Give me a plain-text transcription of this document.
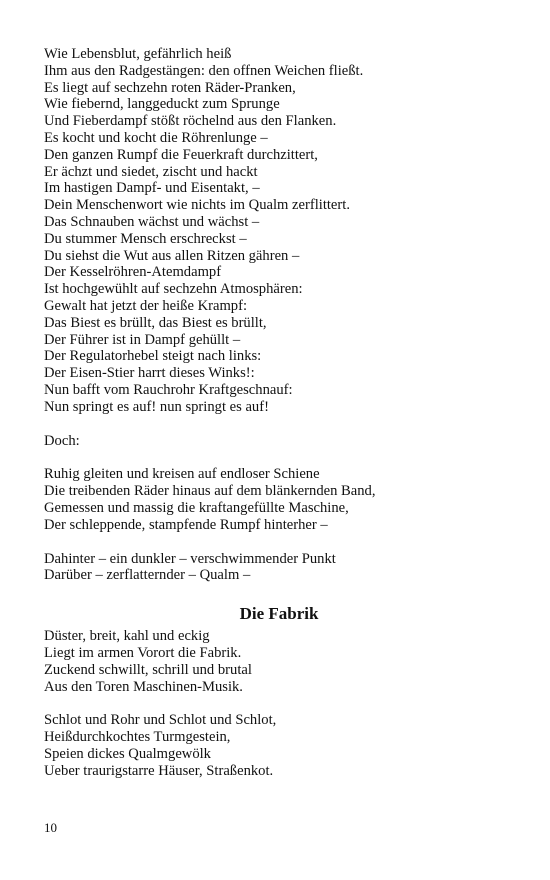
Wie Lebensblut, gefährlich heiß
Ihm aus den Radgestängen: den offnen Weichen fließt.
Es liegt auf sechzehn roten Räder-Pranken,
Wie fiebernd, langgeduckt zum Sprunge
Und Fieberdampf stößt röchelnd aus den Flanken.
Es kocht und kocht die Röhrenlunge –
Den ganzen Rumpf die Feuerkraft durchzittert,
Er ächzt und siedet, zischt und hackt
Im hastigen Dampf- und Eisentakt, –
Dein Menschenwort wie nichts im Qualm zerflittert.
Das Schnauben wächst und wächst –
Du stummer Mensch erschreckst –
Du siehst die Wut aus allen Ritzen gähren –
Der Kesselröhren-Atemdampf
Ist hochgewühlt auf sechzehn Atmosphären:
Gewalt hat jetzt der heiße Krampf:
Das Biest es brüllt, das Biest es brüllt,
Der Führer ist in Dampf gehüllt –
Der Regulatorhebel steigt nach links:
Der Eisen-Stier harrt dieses Winks!:
Nun bafft vom Rauchrohr Kraftgeschnauf:
Nun springt es auf! nun springt es auf!
Doch:
Ruhig gleiten und kreisen auf endloser Schiene
Die treibenden Räder hinaus auf dem blänkernden Band,
Gemessen und massig die kraftangefüllte Maschine,
Der schleppende, stampfende Rumpf hinterher –
Dahinter – ein dunkler – verschwimmender Punkt
Darüber – zerflatternder – Qualm –
Die Fabrik
Düster, breit, kahl und eckig
Liegt im armen Vorort die Fabrik.
Zuckend schwillt, schrill und brutal
Aus den Toren Maschinen-Musik.
Schlot und Rohr und Schlot und Schlot,
Heißdurchkochtes Turmgestein,
Speien dickes Qualmgewölk
Ueber traurigstarre Häuser, Straßenkot.
10
